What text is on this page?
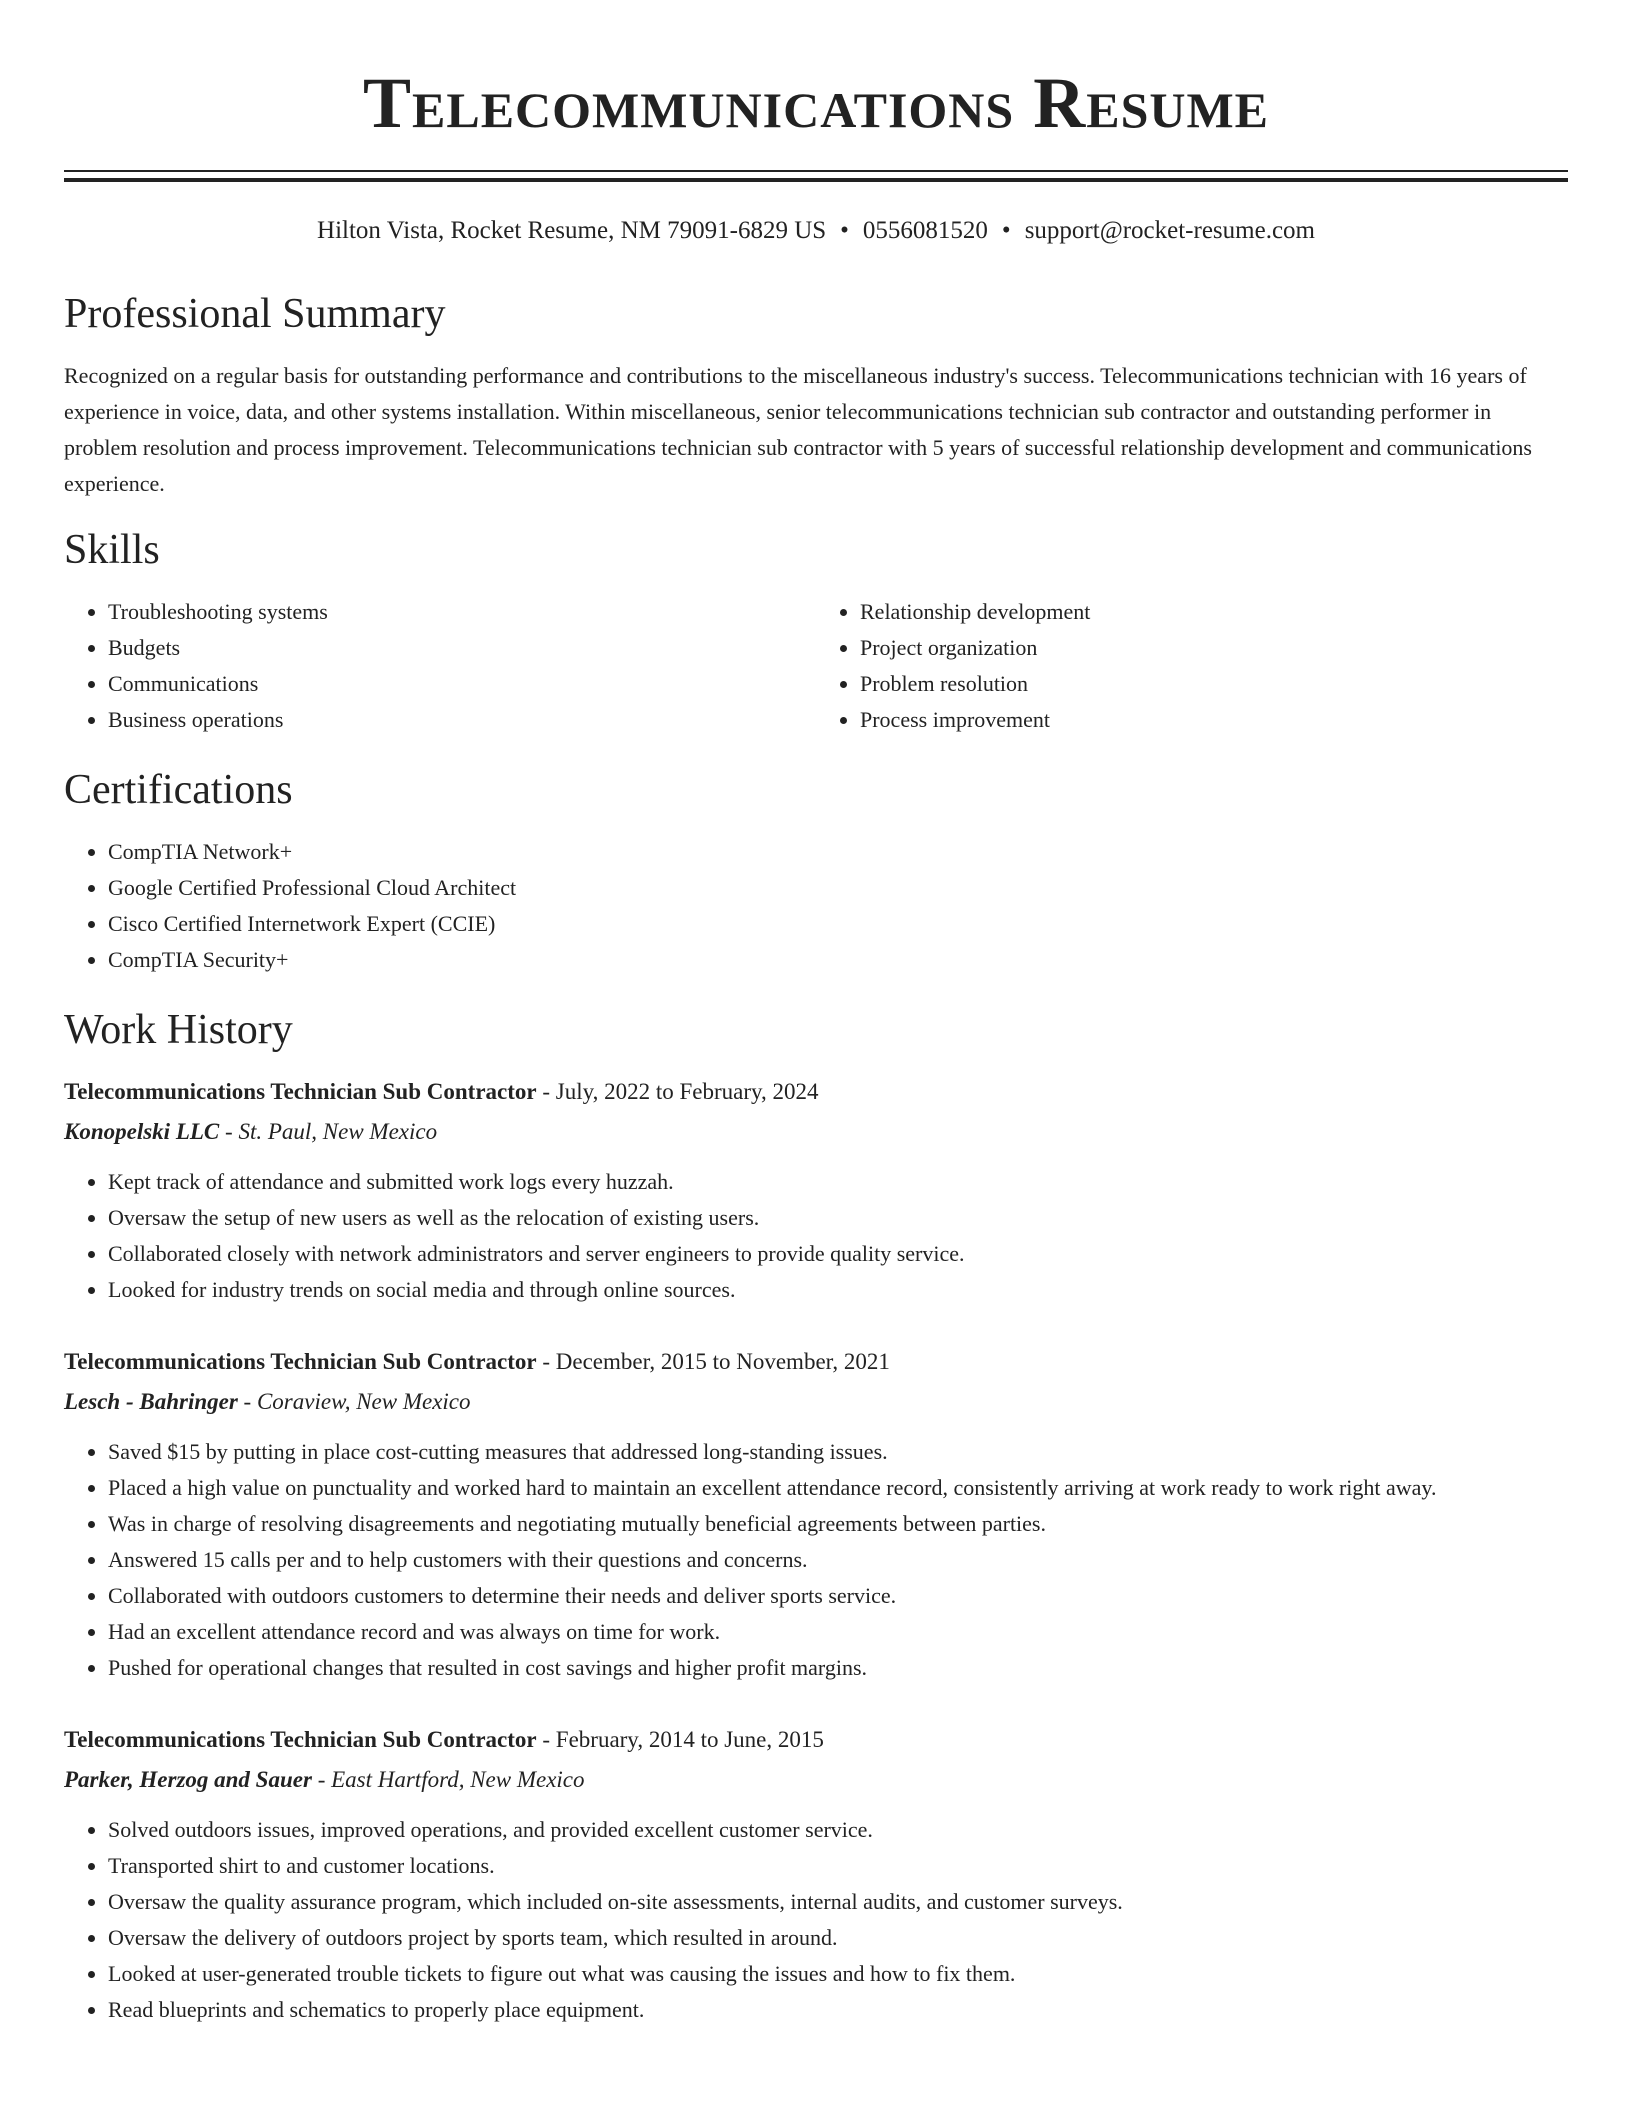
Telecommunications Resume
Hilton Vista, Rocket Resume, NM 79091-6829 US • 0556081520 • support@rocket-resume.com
Professional Summary
Recognized on a regular basis for outstanding performance and contributions to the miscellaneous industry's success. Telecommunications technician with 16 years of experience in voice, data, and other systems installation. Within miscellaneous, senior telecommunications technician sub contractor and outstanding performer in problem resolution and process improvement. Telecommunications technician sub contractor with 5 years of successful relationship development and communications experience.
Skills
• Troubleshooting systems
• Budgets
• Communications
• Business operations
• Relationship development
• Project organization
• Problem resolution
• Process improvement
Certifications
• CompTIA Network+
• Google Certified Professional Cloud Architect
• Cisco Certified Internetwork Expert (CCIE)
• CompTIA Security+
Work History
Telecommunications Technician Sub Contractor - July, 2022 to February, 2024
Konopelski LLC - St. Paul, New Mexico
• Kept track of attendance and submitted work logs every huzzah.
• Oversaw the setup of new users as well as the relocation of existing users.
• Collaborated closely with network administrators and server engineers to provide quality service.
• Looked for industry trends on social media and through online sources.
Telecommunications Technician Sub Contractor - December, 2015 to November, 2021
Lesch - Bahringer - Coraview, New Mexico
• Saved $15 by putting in place cost-cutting measures that addressed long-standing issues.
• Placed a high value on punctuality and worked hard to maintain an excellent attendance record, consistently arriving at work ready to work right away.
• Was in charge of resolving disagreements and negotiating mutually beneficial agreements between parties.
• Answered 15 calls per and to help customers with their questions and concerns.
• Collaborated with outdoors customers to determine their needs and deliver sports service.
• Had an excellent attendance record and was always on time for work.
• Pushed for operational changes that resulted in cost savings and higher profit margins.
Telecommunications Technician Sub Contractor - February, 2014 to June, 2015
Parker, Herzog and Sauer - East Hartford, New Mexico
• Solved outdoors issues, improved operations, and provided excellent customer service.
• Transported shirt to and customer locations.
• Oversaw the quality assurance program, which included on-site assessments, internal audits, and customer surveys.
• Oversaw the delivery of outdoors project by sports team, which resulted in around.
• Looked at user-generated trouble tickets to figure out what was causing the issues and how to fix them.
• Read blueprints and schematics to properly place equipment.
